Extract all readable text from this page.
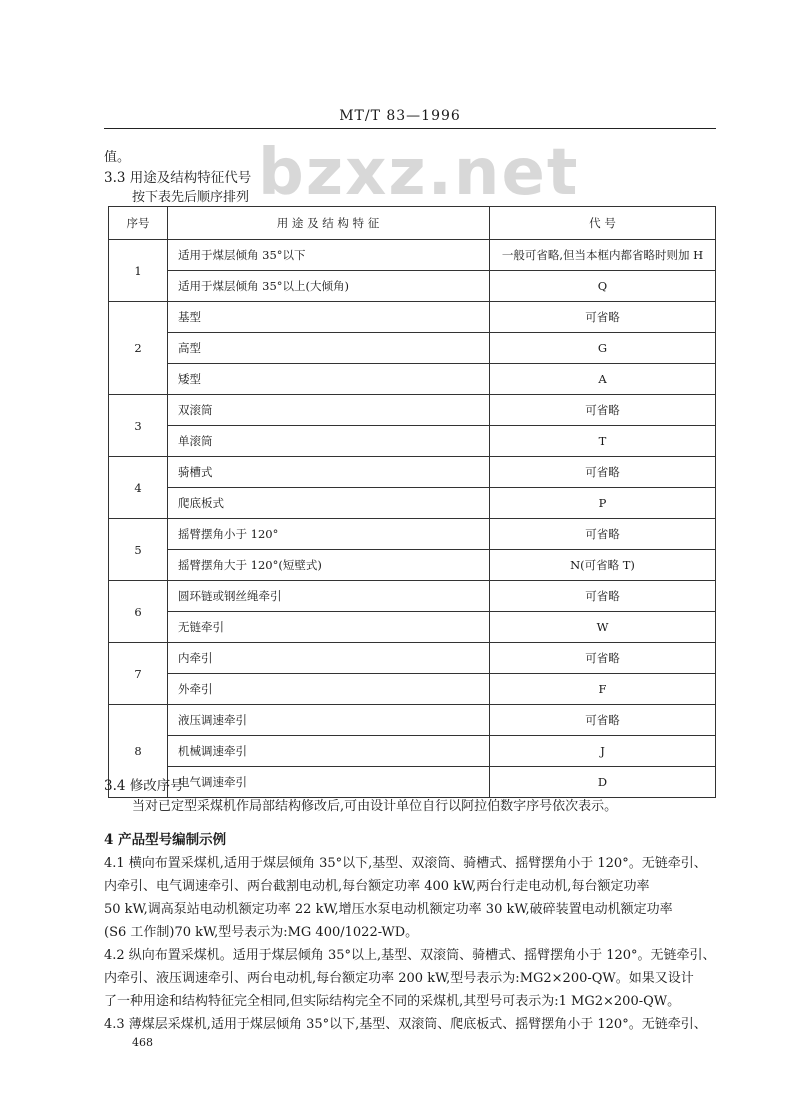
MT/T 83—1996
bzxz.net
值。
3.3 用途及结构特征代号
按下表先后顺序排列
序号	用 途 及 结 构 特 征	代 号
1	适用于煤层倾角 35°以下	一般可省略,但当本框内都省略时则加 H
	适用于煤层倾角 35°以上(大倾角)	Q
2	基型	可省略
	高型	G
	矮型	A
3	双滚筒	可省略
	单滚筒	T
4	骑槽式	可省略
	爬底板式	P
5	摇臂摆角小于 120°	可省略
	摇臂摆角大于 120°(短壁式)	N(可省略 T)
6	圆环链或钢丝绳牵引	可省略
	无链牵引	W
7	内牵引	可省略
	外牵引	F
8	液压调速牵引	可省略
	机械调速牵引	J
	电气调速牵引	D
3.4 修改序号
当对已定型采煤机作局部结构修改后,可由设计单位自行以阿拉伯数字序号依次表示。
4 产品型号编制示例
4.1 横向布置采煤机,适用于煤层倾角 35°以下,基型、双滚筒、骑槽式、摇臂摆角小于 120°。无链牵引、
内牵引、电气调速牵引、两台截割电动机,每台额定功率 400 kW,两台行走电动机,每台额定功率
50 kW,调高泵站电动机额定功率 22 kW,增压水泵电动机额定功率 30 kW,破碎装置电动机额定功率
(S6 工作制)70 kW,型号表示为:MG 400/1022-WD。
4.2 纵向布置采煤机。适用于煤层倾角 35°以上,基型、双滚筒、骑槽式、摇臂摆角小于 120°。无链牵引、
内牵引、液压调速牵引、两台电动机,每台额定功率 200 kW,型号表示为:MG2×200-QW。如果又设计
了一种用途和结构特征完全相同,但实际结构完全不同的采煤机,其型号可表示为:1 MG2×200-QW。
4.3 薄煤层采煤机,适用于煤层倾角 35°以下,基型、双滚筒、爬底板式、摇臂摆角小于 120°。无链牵引、
468
